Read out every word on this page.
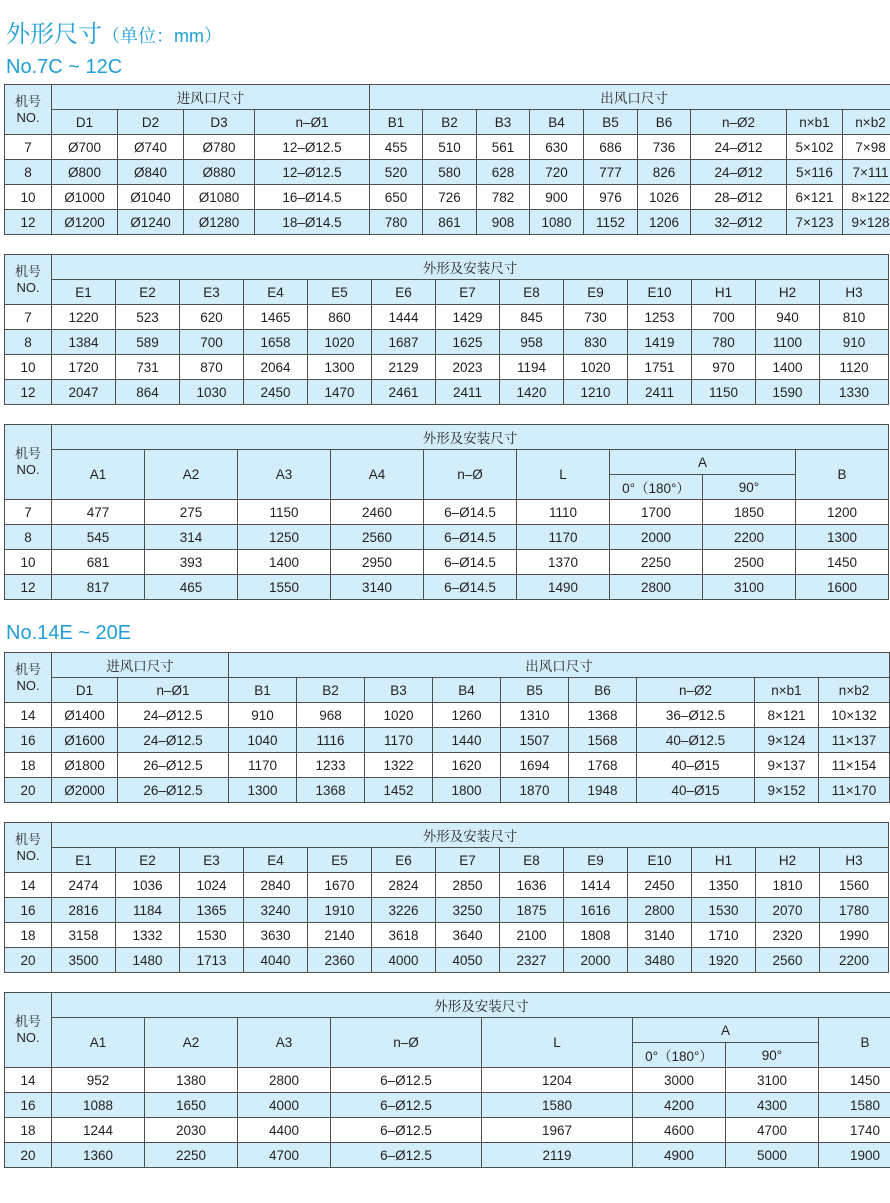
外形尺寸（单位：mm）
No.7C ~ 12C
机号
NO.	进风口尺寸				出风口尺寸								
	D1	D2	D3	n–Ø1	B1	B2	B3	B4	B5	B6	n–Ø2	n×b1	n×b2
7	Ø700	Ø740	Ø780	12–Ø12.5	455	510	561	630	686	736	24–Ø12	5×102	7×98
8	Ø800	Ø840	Ø880	12–Ø12.5	520	580	628	720	777	826	24–Ø12	5×116	7×111
10	Ø1000	Ø1040	Ø1080	16–Ø14.5	650	726	782	900	976	1026	28–Ø12	6×121	8×122
12	Ø1200	Ø1240	Ø1280	18–Ø14.5	780	861	908	1080	1152	1206	32–Ø12	7×123	9×128
机号
NO.	外形及安装尺寸												
	E1	E2	E3	E4	E5	E6	E7	E8	E9	E10	H1	H2	H3
7	1220	523	620	1465	860	1444	1429	845	730	1253	700	940	810
8	1384	589	700	1658	1020	1687	1625	958	830	1419	780	1100	910
10	1720	731	870	2064	1300	2129	2023	1194	1020	1751	970	1400	1120
12	2047	864	1030	2450	1470	2461	2411	1420	1210	2411	1150	1590	1330
机号
NO.	外形及安装尺寸								
	A1	A2	A3	A4	n–Ø	L	A		B
							0°（180°）	90°	
7	477	275	1150	2460	6–Ø14.5	1110	1700	1850	1200
8	545	314	1250	2560	6–Ø14.5	1170	2000	2200	1300
10	681	393	1400	2950	6–Ø14.5	1370	2250	2500	1450
12	817	465	1550	3140	6–Ø14.5	1490	2800	3100	1600
No.14E ~ 20E
机号
NO.	进风口尺寸		出风口尺寸								
	D1	n–Ø1	B1	B2	B3	B4	B5	B6	n–Ø2	n×b1	n×b2
14	Ø1400	24–Ø12.5	910	968	1020	1260	1310	1368	36–Ø12.5	8×121	10×132
16	Ø1600	24–Ø12.5	1040	1116	1170	1440	1507	1568	40–Ø12.5	9×124	11×137
18	Ø1800	26–Ø12.5	1170	1233	1322	1620	1694	1768	40–Ø15	9×137	11×154
20	Ø2000	26–Ø12.5	1300	1368	1452	1800	1870	1948	40–Ø15	9×152	11×170
机号
NO.	外形及安装尺寸												
	E1	E2	E3	E4	E5	E6	E7	E8	E9	E10	H1	H2	H3
14	2474	1036	1024	2840	1670	2824	2850	1636	1414	2450	1350	1810	1560
16	2816	1184	1365	3240	1910	3226	3250	1875	1616	2800	1530	2070	1780
18	3158	1332	1530	3630	2140	3618	3640	2100	1808	3140	1710	2320	1990
20	3500	1480	1713	4040	2360	4000	4050	2327	2000	3480	1920	2560	2200
机号
NO.	外形及安装尺寸							
	A1	A2	A3	n–Ø	L	A		B
						0°（180°）	90°	
14	952	1380	2800	6–Ø12.5	1204	3000	3100	1450
16	1088	1650	4000	6–Ø12.5	1580	4200	4300	1580
18	1244	2030	4400	6–Ø12.5	1967	4600	4700	1740
20	1360	2250	4700	6–Ø12.5	2119	4900	5000	1900
